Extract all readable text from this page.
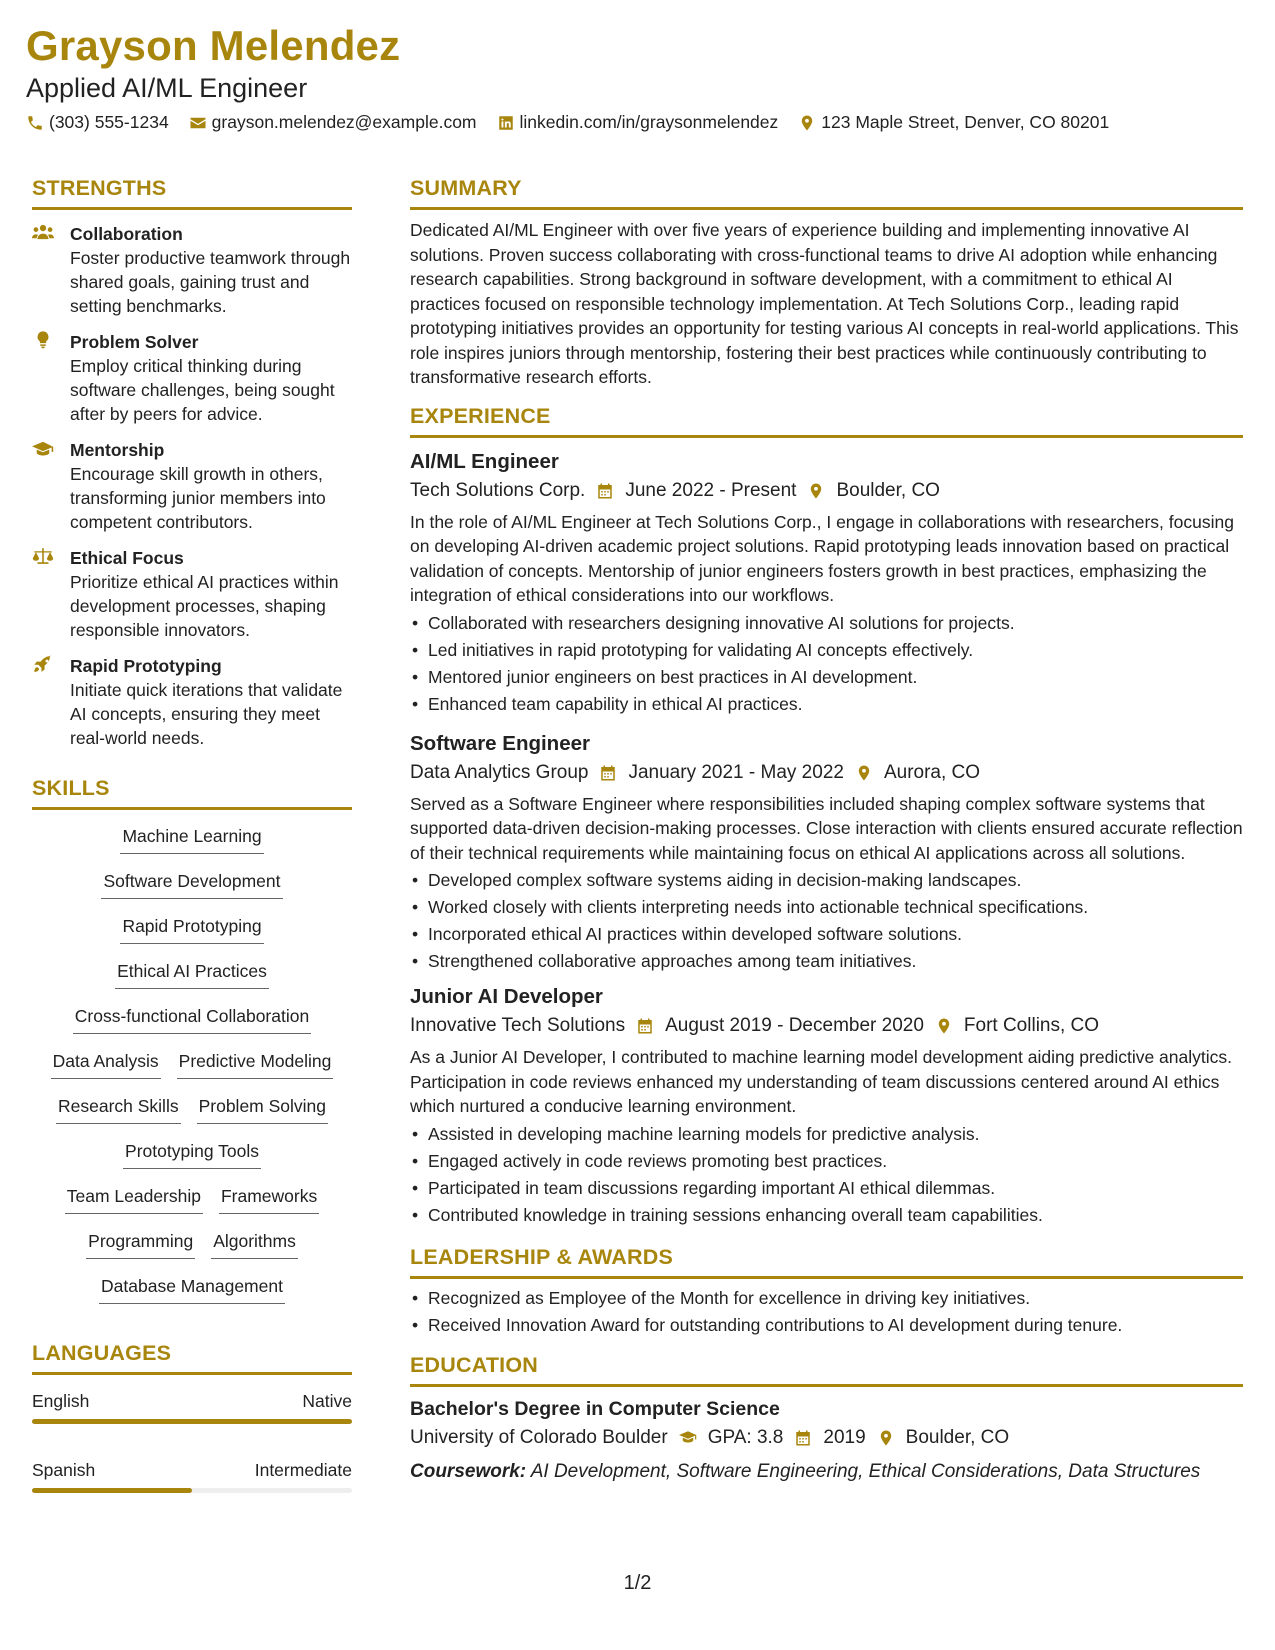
Grayson Melendez
Applied AI/ML Engineer
(303) 555-1234 grayson.melendez@example.com linkedin.com/in/graysonmelendez 123 Maple Street, Denver, CO 80201
STRENGTHS
Collaboration
Foster productive teamwork through shared goals, gaining trust and setting benchmarks.
Problem Solver
Employ critical thinking during software challenges, being sought after by peers for advice.
Mentorship
Encourage skill growth in others, transforming junior members into competent contributors.
Ethical Focus
Prioritize ethical AI practices within development processes, shaping responsible innovators.
Rapid Prototyping
Initiate quick iterations that validate AI concepts, ensuring they meet real-world needs.
SKILLS
Machine Learning
Software Development
Rapid Prototyping
Ethical AI Practices
Cross-functional Collaboration
Data Analysis Predictive Modeling
Research Skills Problem Solving
Prototyping Tools
Team Leadership Frameworks
Programming Algorithms
Database Management
LANGUAGES
English	Native
Spanish	Intermediate
SUMMARY
Dedicated AI/ML Engineer with over five years of experience building and implementing innovative AI solutions. Proven success collaborating with cross-functional teams to drive AI adoption while enhancing research capabilities. Strong background in software development, with a commitment to ethical AI practices focused on responsible technology implementation. At Tech Solutions Corp., leading rapid prototyping initiatives provides an opportunity for testing various AI concepts in real-world applications. This role inspires juniors through mentorship, fostering their best practices while continuously contributing to transformative research efforts.
EXPERIENCE
AI/ML Engineer
Tech Solutions Corp. June 2022 - Present Boulder, CO
In the role of AI/ML Engineer at Tech Solutions Corp., I engage in collaborations with researchers, focusing on developing AI-driven academic project solutions. Rapid prototyping leads innovation based on practical validation of concepts. Mentorship of junior engineers fosters growth in best practices, emphasizing the integration of ethical considerations into our workflows.
• Collaborated with researchers designing innovative AI solutions for projects.
• Led initiatives in rapid prototyping for validating AI concepts effectively.
• Mentored junior engineers on best practices in AI development.
• Enhanced team capability in ethical AI practices.
Software Engineer
Data Analytics Group January 2021 - May 2022 Aurora, CO
Served as a Software Engineer where responsibilities included shaping complex software systems that supported data-driven decision-making processes. Close interaction with clients ensured accurate reflection of their technical requirements while maintaining focus on ethical AI applications across all solutions.
• Developed complex software systems aiding in decision-making landscapes.
• Worked closely with clients interpreting needs into actionable technical specifications.
• Incorporated ethical AI practices within developed software solutions.
• Strengthened collaborative approaches among team initiatives.
Junior AI Developer
Innovative Tech Solutions August 2019 - December 2020 Fort Collins, CO
As a Junior AI Developer, I contributed to machine learning model development aiding predictive analytics. Participation in code reviews enhanced my understanding of team discussions centered around AI ethics which nurtured a conducive learning environment.
• Assisted in developing machine learning models for predictive analysis.
• Engaged actively in code reviews promoting best practices.
• Participated in team discussions regarding important AI ethical dilemmas.
• Contributed knowledge in training sessions enhancing overall team capabilities.
LEADERSHIP & AWARDS
• Recognized as Employee of the Month for excellence in driving key initiatives.
• Received Innovation Award for outstanding contributions to AI development during tenure.
EDUCATION
Bachelor's Degree in Computer Science
University of Colorado Boulder GPA: 3.8 2019 Boulder, CO
Coursework: AI Development, Software Engineering, Ethical Considerations, Data Structures
1/2
